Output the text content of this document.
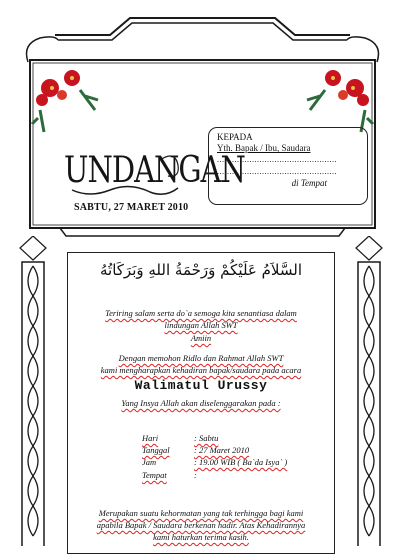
UNDANGAN
SABTU, 27 MARET 2010
KEPADA
Yth. Bapak / Ibu, Saudara
................................................
................................................
di Tempat
السَّلاَمُ عَلَيْكُمْ وَرَحْمَةُ اللهِ وَبَرَكَاتُهُ
Teriring salam serta do`a semoga kita senantiasa dalam
lindungan Allah SWT
Amiin
Dengan memohon Ridlo dan Rahmat Allah SWT
kami mengharapkan kehadiran bapak/saudara pada acara
Walimatul Urussy
Yang Insya Allah akan diselenggarakan pada :
Hari	: Sabtu
Tanggal	: 27 Maret 2010
Jam	: 19.00 WIB ( Ba`da Isya` )
Tempat	:
Merupakan suatu kehormatan yang tak terhingga bagi kami
apabila Bapak / Saudara berkenan hadir. Atas Kehadirannya
kami haturkan terima kasih.
